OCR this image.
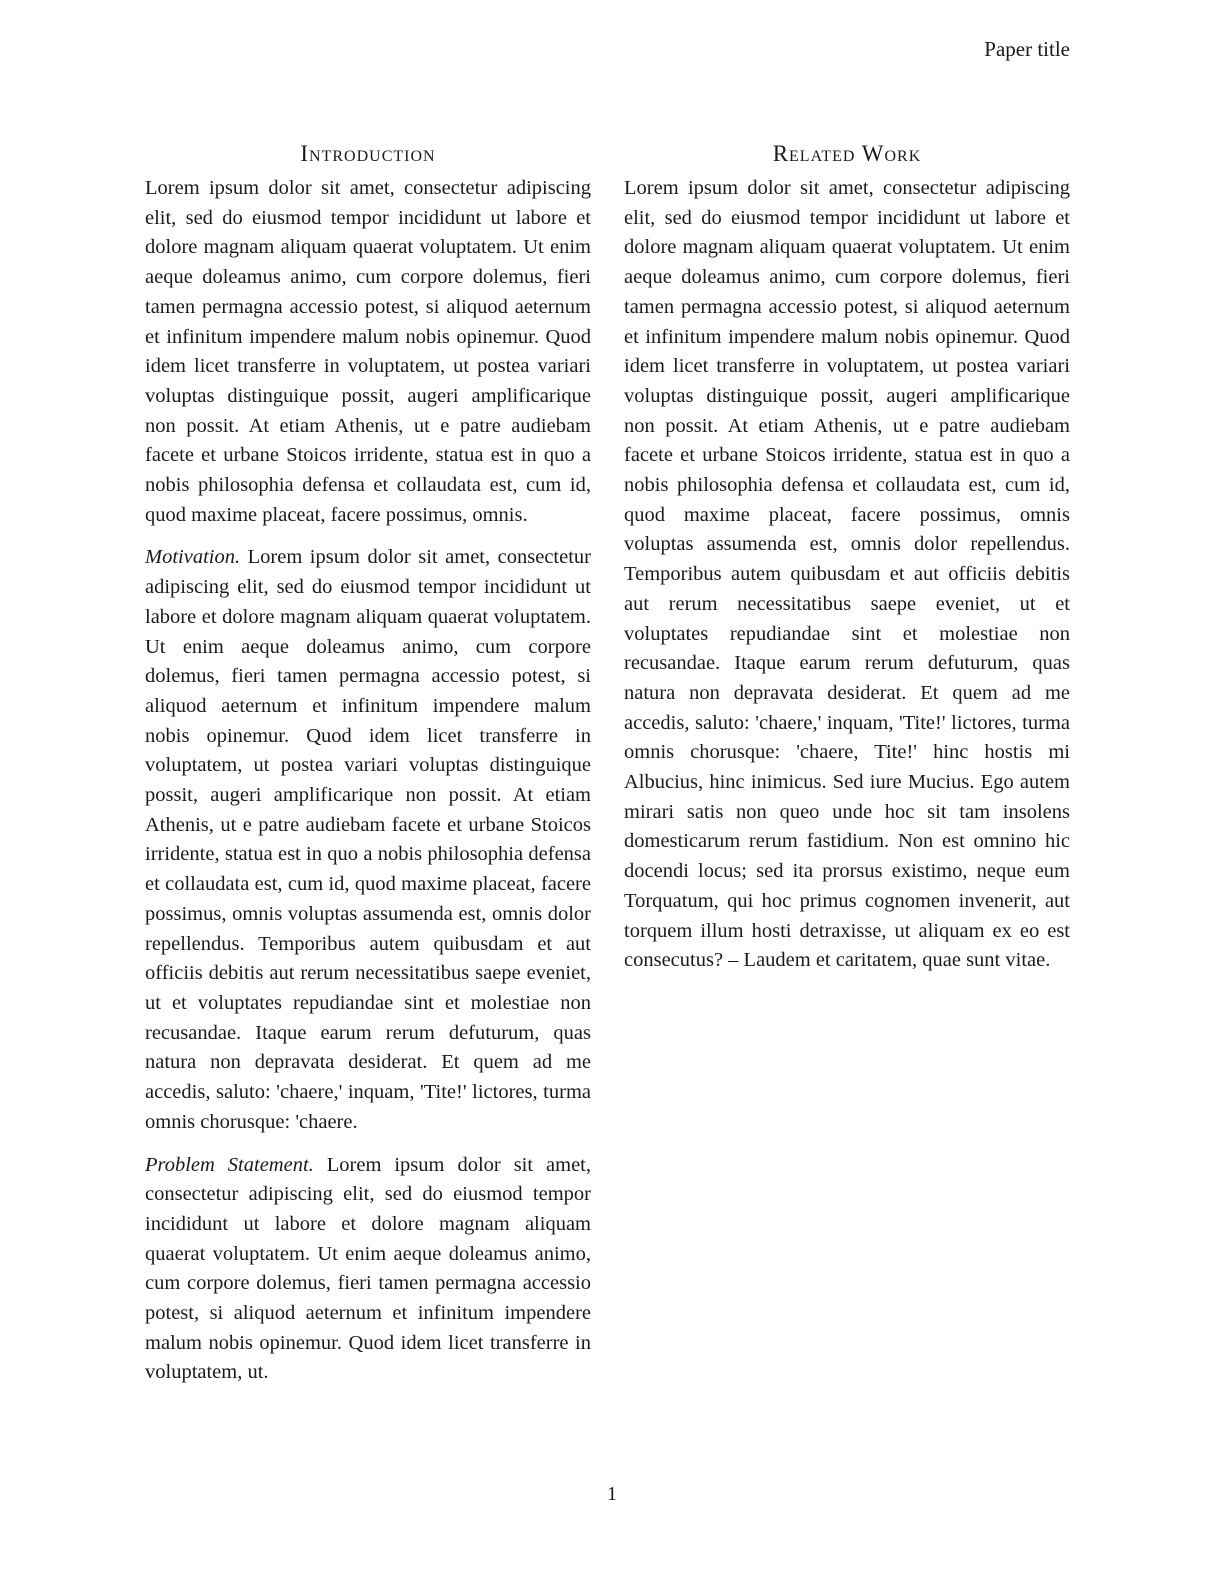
Paper title
Introduction

Lorem ipsum dolor sit amet, consectetur adipiscing elit, sed do eiusmod tempor incididunt ut labore et dolore magnam aliquam quaerat voluptatem. Ut enim aeque doleamus animo, cum corpore dolemus, fieri tamen permagna accessio potest, si aliquod aeternum et infinitum impendere malum nobis opinemur. Quod idem licet transferre in voluptatem, ut postea variari voluptas distinguique possit, augeri amplificarique non possit. At etiam Athenis, ut e patre audiebam facete et urbane Stoicos irridente, statua est in quo a nobis philosophia defensa et collaudata est, cum id, quod maxime placeat, facere possimus, omnis.

Motivation. Lorem ipsum dolor sit amet, consectetur adipiscing elit, sed do eiusmod tempor incididunt ut labore et dolore magnam aliquam quaerat voluptatem. Ut enim aeque doleamus animo, cum corpore dolemus, fieri tamen permagna accessio potest, si aliquod aeternum et infinitum impendere malum nobis opinemur. Quod idem licet transferre in voluptatem, ut postea variari voluptas distinguique possit, augeri amplificarique non possit. At etiam Athenis, ut e patre audiebam facete et urbane Stoicos irridente, statua est in quo a nobis philosophia defensa et collaudata est, cum id, quod maxime placeat, facere possimus, omnis voluptas assumenda est, omnis dolor repellendus. Temporibus autem quibusdam et aut officiis debitis aut rerum necessitatibus saepe eveniet, ut et voluptates repudiandae sint et molestiae non recusandae. Itaque earum rerum defuturum, quas natura non depravata desiderat. Et quem ad me accedis, saluto: 'chaere,' inquam, 'Tite!' lictores, turma omnis chorusque: 'chaere.

Problem Statement. Lorem ipsum dolor sit amet, consectetur adipiscing elit, sed do eiusmod tempor incididunt ut labore et dolore magnam aliquam quaerat voluptatem. Ut enim aeque doleamus animo, cum corpore dolemus, fieri tamen permagna accessio potest, si aliquod aeternum et infinitum impendere malum nobis opinemur. Quod idem licet transferre in voluptatem, ut.

Related Work

Lorem ipsum dolor sit amet, consectetur adipiscing elit, sed do eiusmod tempor incididunt ut labore et dolore magnam aliquam quaerat voluptatem. Ut enim aeque doleamus animo, cum corpore dolemus, fieri tamen permagna accessio potest, si aliquod aeternum et infinitum impendere malum nobis opinemur. Quod idem licet transferre in voluptatem, ut postea variari voluptas distinguique possit, augeri amplificarique non possit. At etiam Athenis, ut e patre audiebam facete et urbane Stoicos irridente, statua est in quo a nobis philosophia defensa et collaudata est, cum id, quod maxime placeat, facere possimus, omnis voluptas assumenda est, omnis dolor repellendus. Temporibus autem quibusdam et aut officiis debitis aut rerum necessitatibus saepe eveniet, ut et voluptates repudiandae sint et molestiae non recusandae. Itaque earum rerum defuturum, quas natura non depravata desiderat. Et quem ad me accedis, saluto: 'chaere,' inquam, 'Tite!' lictores, turma omnis chorusque: 'chaere, Tite!' hinc hostis mi Albucius, hinc inimicus. Sed iure Mucius. Ego autem mirari satis non queo unde hoc sit tam insolens domesticarum rerum fastidium. Non est omnino hic docendi locus; sed ita prorsus existimo, neque eum Torquatum, qui hoc primus cognomen invenerit, aut torquem illum hosti detraxisse, ut aliquam ex eo est consecutus? – Laudem et caritatem, quae sunt vitae.

1
